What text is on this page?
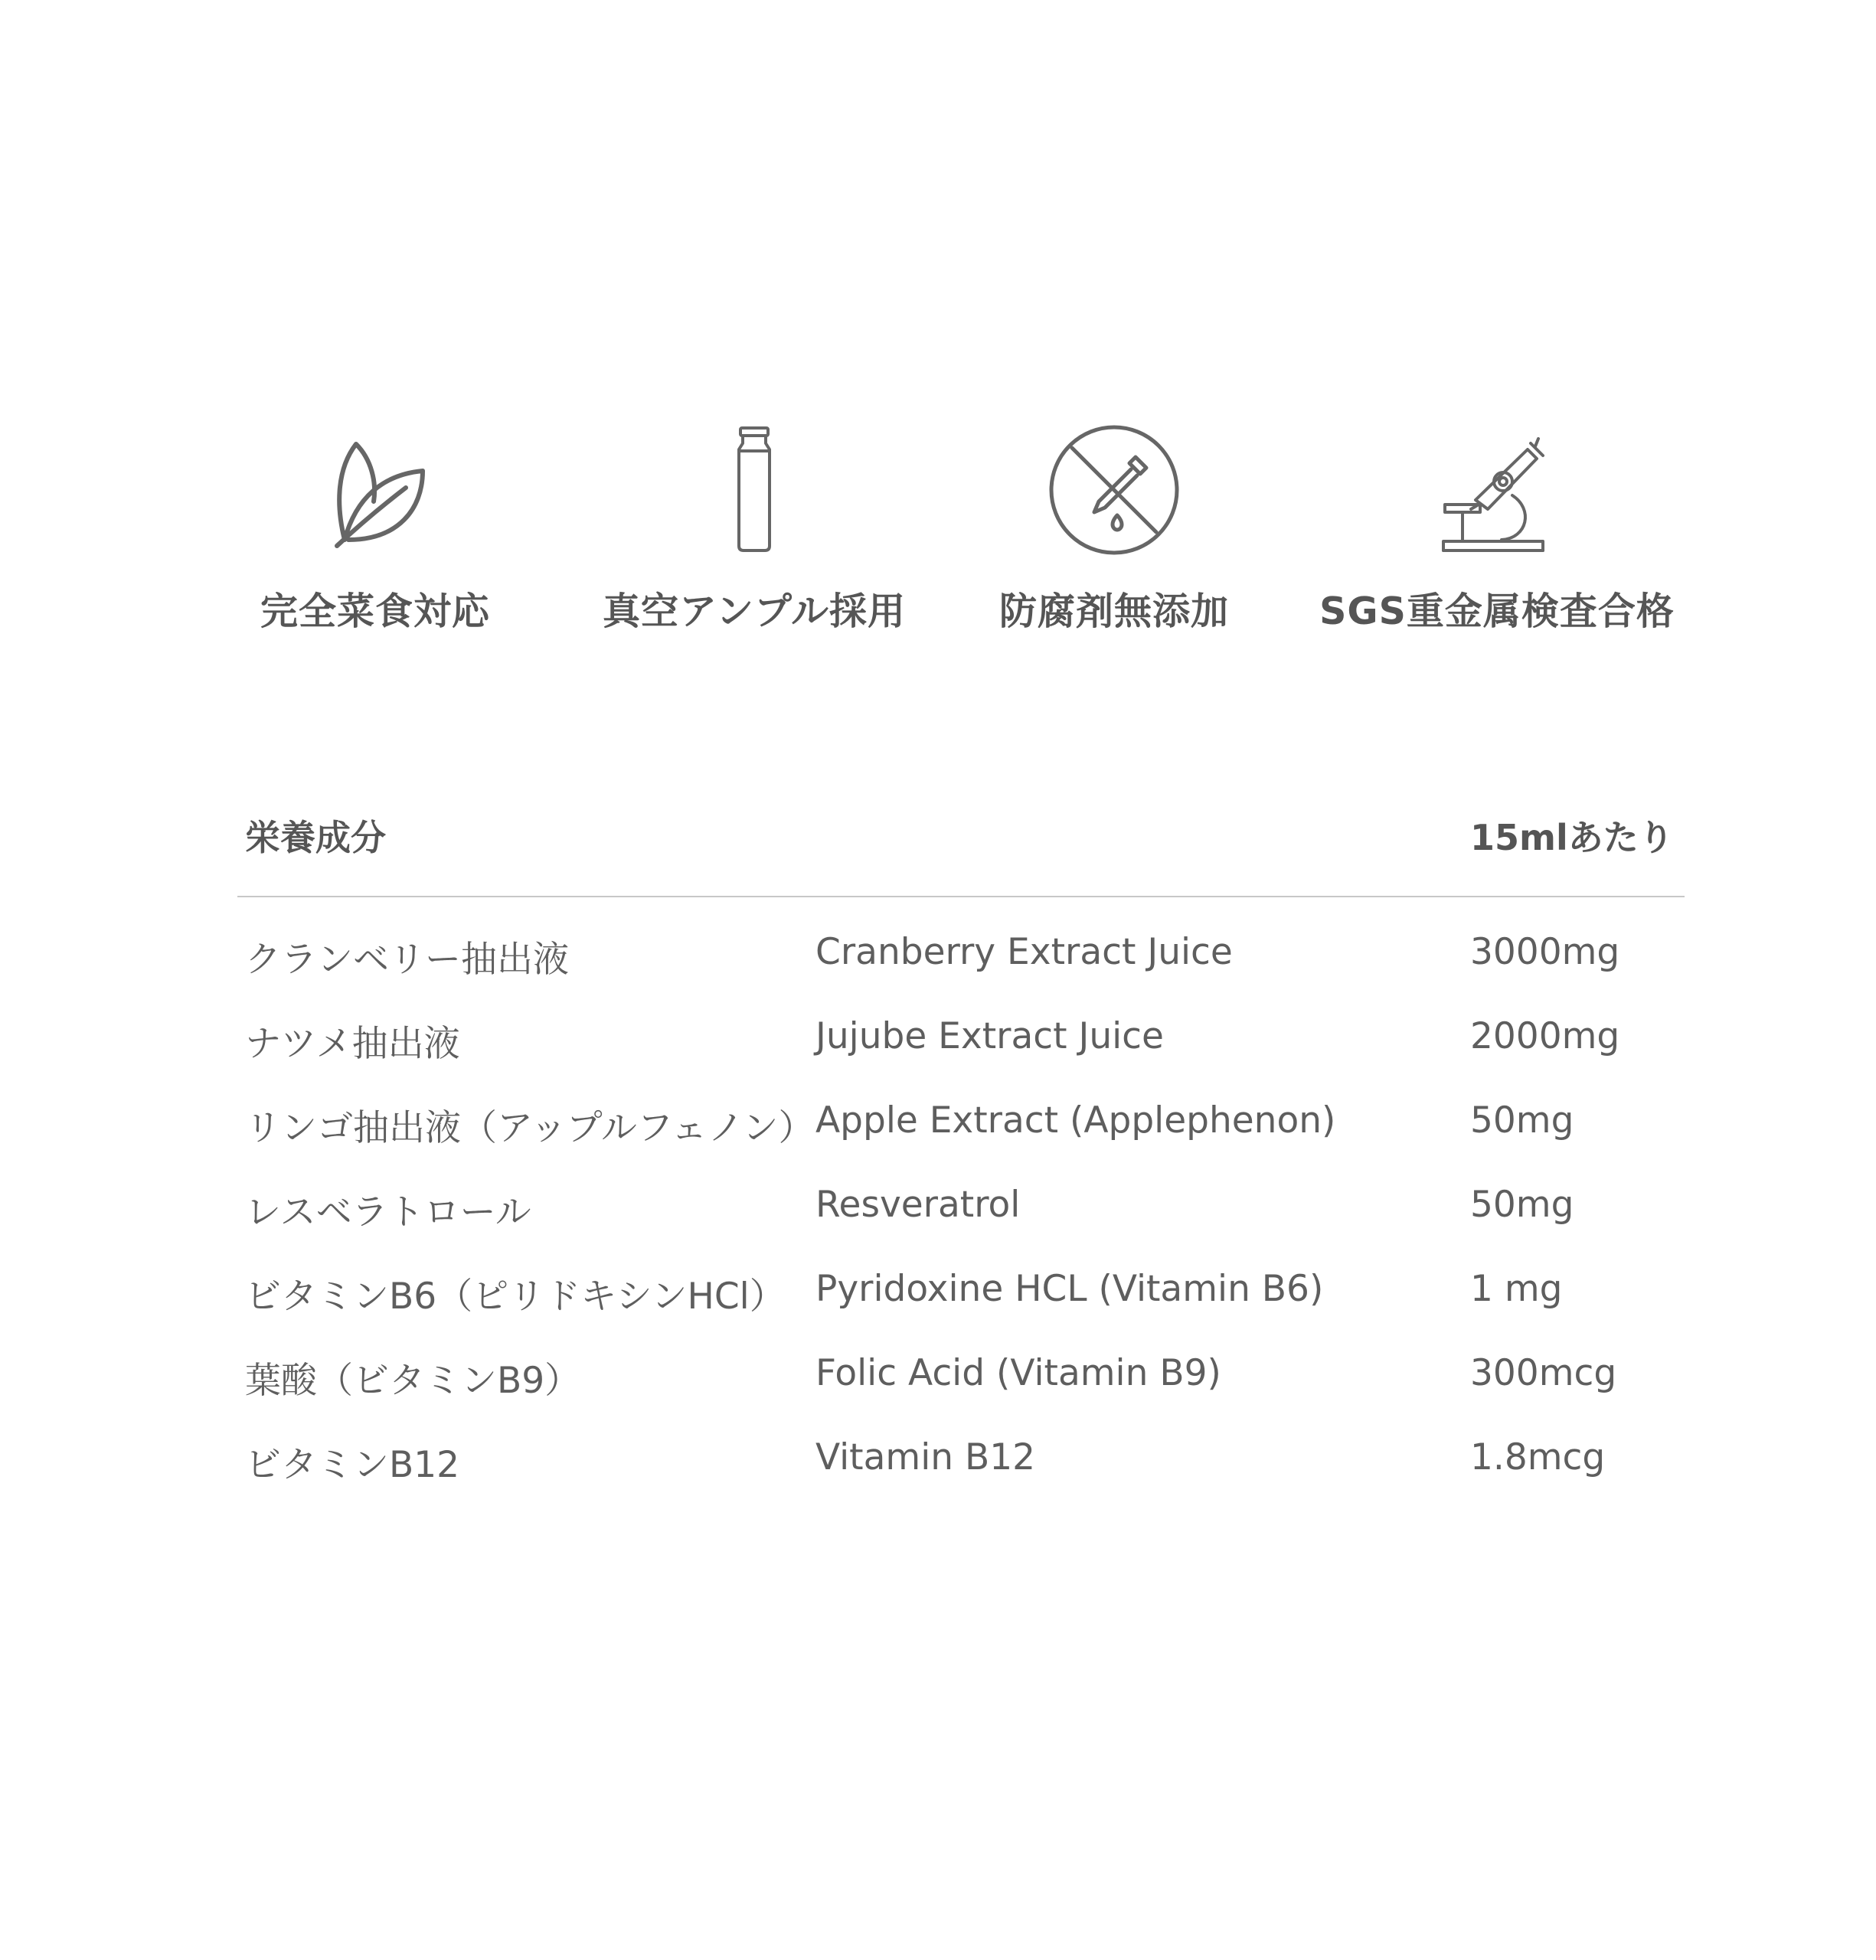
完全菜食対応	真空アンプル採用	防腐剤無添加	SGS重金属検査合格
栄養成分	15mlあたり
クランベリー抽出液	Cranberry Extract Juice	3000mg
ナツメ抽出液	Jujube Extract Juice	2000mg
リンゴ抽出液（アップルフェノン） Apple Extract (Applephenon)	50mg
レスベラトロール	Resveratrol	50mg
ビタミンB6（ピリドキシンHCl） Pyridoxine HCL (Vitamin B6)	1 mg
葉酸（ビタミンB9）	Folic Acid (Vitamin B9)	300mcg
ビタミンB12	Vitamin B12	1.8mcg
